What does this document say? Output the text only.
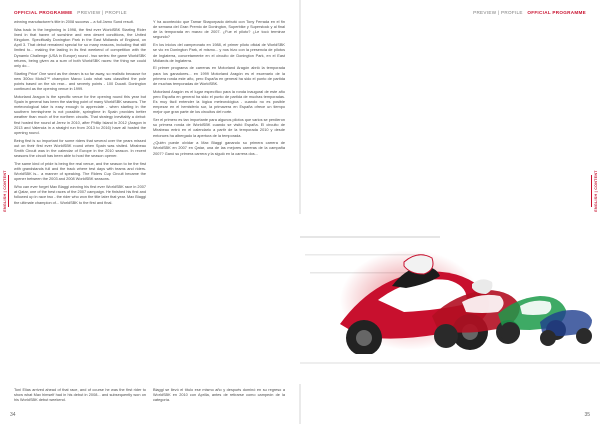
OFFICIAL PROGRAMME PREVIEW | PROFILE

winning manufacturer's title in 2008 success – a full Jarno Sund result.

Was back in the beginning in 1998, the first ever WorldSBK Starting Rider lined in that haven of sunshine and new desert conditions, the United Kingdom. Specifically Donington Park in the East Midlands of England, on April 3. That debut remained special for so many reasons, including that still limited to... making the lasting in its first weekend of competition with the Dynamic Challenge (USA in Europe) round - two series: the game WorldSBK returns, being given as a sum of both WorldSBK races: the thing we could only do...

Starting Price' One word as the dream is so far away, so realistic because for new 300cc Moto3™ champion Marco Lodo what was classified the pole points based on the six rear... and seventy points - 100 Ducati. Donington continued as the opening venue in 1999.

Motorland Aragon is the specific venue for the opening round this year but Spain in general has been the starting point of many WorldSBK seasons. The meteorological take is easy enough to appreciate - when starting in the southern hemisphere is not possible, springtime in Spain provides better weather than much of the northern circuits. That strategy inevitably a debut: first hosted the round at Jerez in 2010, after Phillip Island in 2012 (Aragon in 2013 and Valencia in a straight run from 2013 to 2016) have all hosted the opening round.

Being first is so important for some riders that several over the years missed out on their first ever WorldSBK round when Spain was visited. Mirabeau Smith Circuit was in the calendar of Europe in the 2010 season. In recent seasons the circuit has been able to host the season opener.

The same kind of pride is being the real venue, and the season to be the first with grandstands full and the track where test days with teams and riders. WorldSBK is... a manner of speaking. The Riders Cup Circuit became the opener between the 2003 and 2008 WorldSBK seasons.

Who can ever forget Max Biaggi winning his first ever WorldSBK race in 2007 at Qatar, one of the best races of the 2007 campaign. He finished his first and followed up in race two - the rider who won the title later that year. Max Biaggi the ultimate champion of... WorldSBK to the first and final.

Y ha acontecido que Tamar Sbaporpado debutó con Tony Ferrada en el fin de semana del Gran Premio de Donington, Superbike y Superstock y al final de la temporada en marzo de 2007. ¿Fue el piloto? ¿Le tocó terminar segundo?

En los inicios del campeonato en 1988, el primer piloto oficial de WorldSBK se vio en Donington Park, el mismo... y nos hizo con la presencia de pilotos de Inglaterra, concretamente en el circuito de Donington Park, en el East Midlands de Inglaterra.

El primer programa de carreras en Motorland Aragón abrió la temporada para los ganadores... en 1999 Motorland Aragón es el escenario de la primera ronda este año, pero España en general ha sido el punto de partida de muchas temporadas de WorldSBK.

Motorland Aragón es el lugar específico para la ronda inaugural de este año pero España en general ha sido el punto de partida de muchas temporadas. Es muy fácil entender la lógica meteorológica - cuando no es posible empezar en el hemisferio sur, la primavera en España ofrece un tiempo mejor que gran parte de los circuitos del norte.

Ser el primero es tan importante para algunos pilotos que varios se perdieron su primera ronda de WorldSBK cuando se visitó España. El circuito de Mirabeau entró en el calendario a partir de la temporada 2010 y desde entonces ha albergado la apertura de la temporada.

¿Quién puede olvidar a Max Biaggi ganando su primera carrera de WorldSBK en 2007 en Qatar, una de las mejores carreras de la campaña 2007? Ganó su primera carrera y la siguió en la carrera dos...

ENGLISH | CONTENT

Toni Elias arrived ahead of that race, and of course he was the first rider to show what Max himself had in his debut in 2008... and subsequently won on his WorldSBK debut weekend.

Biaggi se llevó el título ese mismo año y después dominó en su regreso a WorldSBK en 2010 con Aprilia, antes de retirarse como campeón de la categoría.

34
PREVIEW | PROFILE OFFICIAL PROGRAMME

ENGLISH | CONTENT
35
